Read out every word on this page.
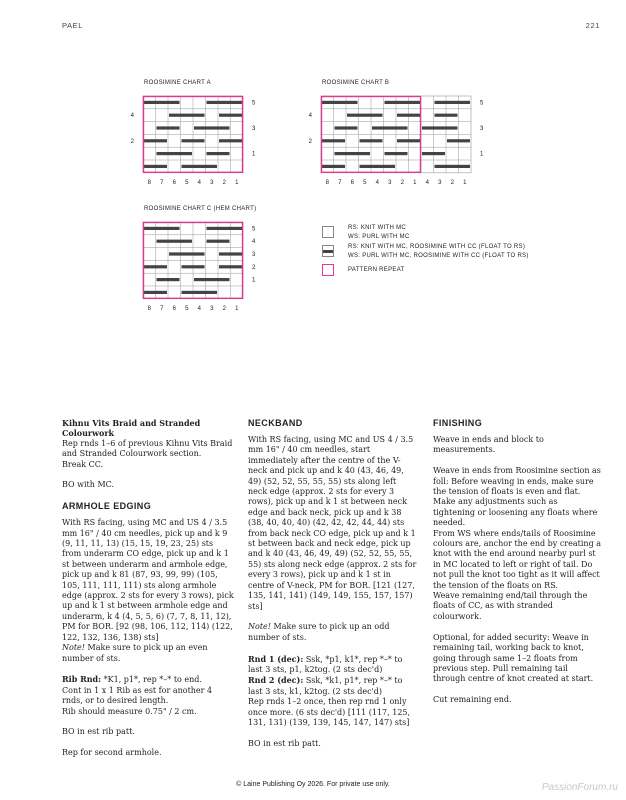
PAEL	221
ROOSIMINE CHART A
8 7 6 5 4 3 2 1
5
3
1
4
2
ROOSIMINE CHART B
8 7 6 5 4 3 2 1 4 3 2 1
5
3
1
4
2
ROOSIMINE CHART C (HEM CHART)
8 7 6 5 4 3 2 1
5
4
3
2
1
RS: KNIT WITH MC
WS: PURL WITH MC
RS: KNIT WITH MC, ROOSIMINE WITH CC (FLOAT TO RS)
WS: PURL WITH MC, ROOSIMINE WITH CC (FLOAT TO RS)
PATTERN REPEAT

Kihnu Vits Braid and Stranded Colourwork

Rep rnds 1–6 of previous Kihnu Vits Braid and Stranded Colourwork section.

Break CC.

BO with MC.

ARMHOLE EDGING

With RS facing, using MC and US 4 / 3.5 mm 16" / 40 cm needles, pick up and k 9 (9, 11, 11, 13) (15, 15, 19, 23, 25) sts from underarm CO edge, pick up and k 1 st between underarm and armhole edge, pick up and k 81 (87, 93, 99, 99) (105, 105, 111, 111, 111) sts along armhole edge (approx. 2 sts for every 3 rows), pick up and k 1 st between armhole edge and underarm, k 4 (4, 5, 5, 6) (7, 7, 8, 11, 12), PM for BOR. [92 (98, 106, 112, 114) (122, 122, 132, 136, 138) sts]

Note! Make sure to pick up an even number of sts.

Rib Rnd: *K1, p1*, rep *–* to end.

Cont in 1 x 1 Rib as est for another 4 rnds, or to desired length.

Rib should measure 0.75" / 2 cm.

BO in est rib patt.

Rep for second armhole.

NECKBAND

With RS facing, using MC and US 4 / 3.5 mm 16" / 40 cm needles, start immediately after the centre of the V-neck and pick up and k 40 (43, 46, 49, 49) (52, 52, 55, 55, 55) sts along left neck edge (approx. 2 sts for every 3 rows), pick up and k 1 st between neck edge and back neck, pick up and k 38 (38, 40, 40, 40) (42, 42, 42, 44, 44) sts from back neck CO edge, pick up and k 1 st between back and neck edge, pick up and k 40 (43, 46, 49, 49) (52, 52, 55, 55, 55) sts along neck edge (approx. 2 sts for every 3 rows), pick up and k 1 st in centre of V-neck, PM for BOR. [121 (127, 135, 141, 141) (149, 149, 155, 157, 157) sts]

Note! Make sure to pick up an odd number of sts.

Rnd 1 (dec): Ssk, *p1, k1*, rep *–* to last 3 sts, p1, k2tog. (2 sts dec'd)

Rnd 2 (dec): Ssk, *k1, p1*, rep *–* to last 3 sts, k1, k2tog. (2 sts dec'd)

Rep rnds 1–2 once, then rep rnd 1 only once more. (6 sts dec'd) [111 (117, 125, 131, 131) (139, 139, 145, 147, 147) sts]

BO in est rib patt.

FINISHING

Weave in ends and block to measurements.

Weave in ends from Roosimine section as foll: Before weaving in ends, make sure the tension of floats is even and flat. Make any adjustments such as tightening or loosening any floats where needed.

From WS where ends/tails of Roosimine colours are, anchor the end by creating a knot with the end around nearby purl st in MC located to left or right of tail. Do not pull the knot too tight as it will affect the tension of the floats on RS.

Weave remaining end/tail through the floats of CC, as with stranded colourwork.

Optional, for added security: Weave in remaining tail, working back to knot, going through same 1–2 floats from previous step. Pull remaining tail through centre of knot created at start.

Cut remaining end.

© Laine Publishing Oy 2026. For private use only.	PassionForum.ru
